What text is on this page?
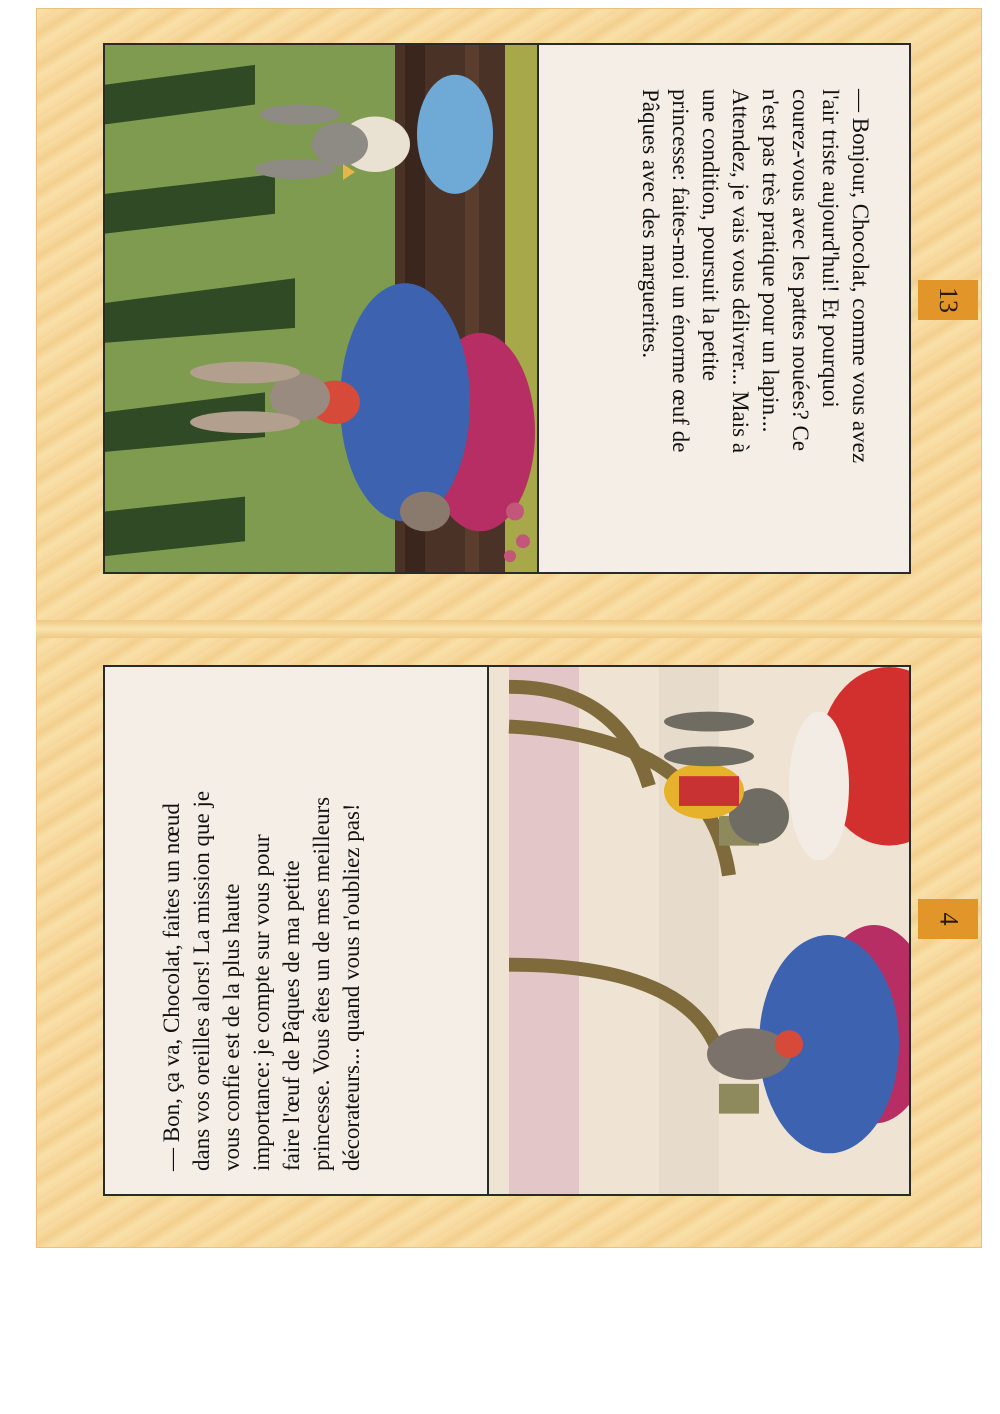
— Bonjour, Chocolat, comme vous avez
l'air triste aujourd'hui! Et pourquoi
courez-vous avec les pattes nouées? Ce
n'est pas très pratique pour un lapin...
Attendez, je vais vous délivrer... Mais à
une condition, poursuit la petite
princesse: faites-moi un énorme œuf de
Pâques avec des marguerites.	13
— Bon, ça va, Chocolat, faites un nœud
dans vos oreilles alors! La mission que je
vous confie est de la plus haute
importance: je compte sur vous pour
faire l'œuf de Pâques de ma petite
princesse. Vous êtes un de mes meilleurs
décorateurs... quand vous n'oubliez pas!
4
